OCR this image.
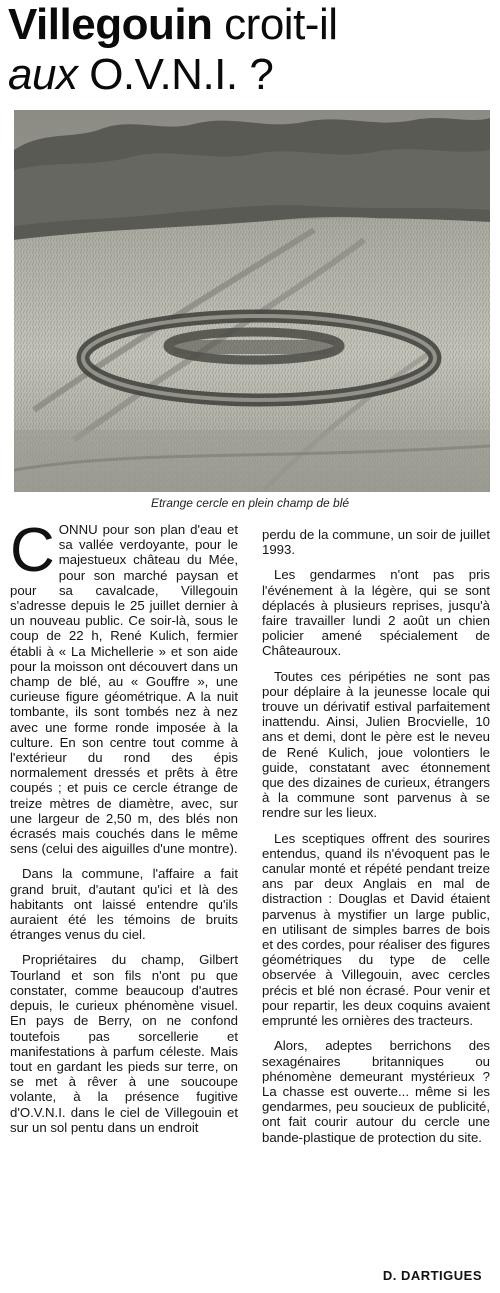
Villegouin croit-il
aux O.V.N.I. ?
Etrange cercle en plein champ de blé

CONNU pour son plan d'eau et sa vallée verdoyante, pour le majestueux château du Mée, pour son marché paysan et pour sa cavalcade, Villegouin s'adresse depuis le 25 juillet dernier à un nouveau public. Ce soir-là, sous le coup de 22 h, René Kulich, fermier établi à « La Michellerie » et son aide pour la moisson ont découvert dans un champ de blé, au « Gouffre », une curieuse figure géométrique. A la nuit tombante, ils sont tombés nez à nez avec une forme ronde imposée à la culture. En son centre tout comme à l'extérieur du rond des épis normalement dressés et prêts à être coupés ; et puis ce cercle étrange de treize mètres de diamètre, avec, sur une largeur de 2,50 m, des blés non écrasés mais couchés dans le même sens (celui des aiguilles d'une montre).

Dans la commune, l'affaire a fait grand bruit, d'autant qu'ici et là des habitants ont laissé entendre qu'ils auraient été les témoins de bruits étranges venus du ciel.

Propriétaires du champ, Gilbert Tourland et son fils n'ont pu que constater, comme beaucoup d'autres depuis, le curieux phénomène visuel. En pays de Berry, on ne confond toutefois pas sorcellerie et manifestations à parfum céleste. Mais tout en gardant les pieds sur terre, on se met à rêver à une soucoupe volante, à la présence fugitive d'O.V.N.I. dans le ciel de Villegouin et sur un sol pentu dans un endroit

perdu de la commune, un soir de juillet 1993.

Les gendarmes n'ont pas pris l'événement à la légère, qui se sont déplacés à plusieurs reprises, jusqu'à faire travailler lundi 2 août un chien policier amené spécialement de Châteauroux.

Toutes ces péripéties ne sont pas pour déplaire à la jeunesse locale qui trouve un dérivatif estival parfaitement inattendu. Ainsi, Julien Brocvielle, 10 ans et demi, dont le père est le neveu de René Kulich, joue volontiers le guide, constatant avec étonnement que des dizaines de curieux, étrangers à la commune sont parvenus à se rendre sur les lieux.

Les sceptiques offrent des sourires entendus, quand ils n'évoquent pas le canular monté et répété pendant treize ans par deux Anglais en mal de distraction : Douglas et David étaient parvenus à mystifier un large public, en utilisant de simples barres de bois et des cordes, pour réaliser des figures géométriques du type de celle observée à Villegouin, avec cercles précis et blé non écrasé. Pour venir et pour repartir, les deux coquins avaient emprunté les ornières des tracteurs.

Alors, adeptes berrichons des sexagénaires britanniques ou phénomène demeurant mystérieux ? La chasse est ouverte... même si les gendarmes, peu soucieux de publicité, ont fait courir autour du cercle une bande-plastique de protection du site.

D. DARTIGUES
